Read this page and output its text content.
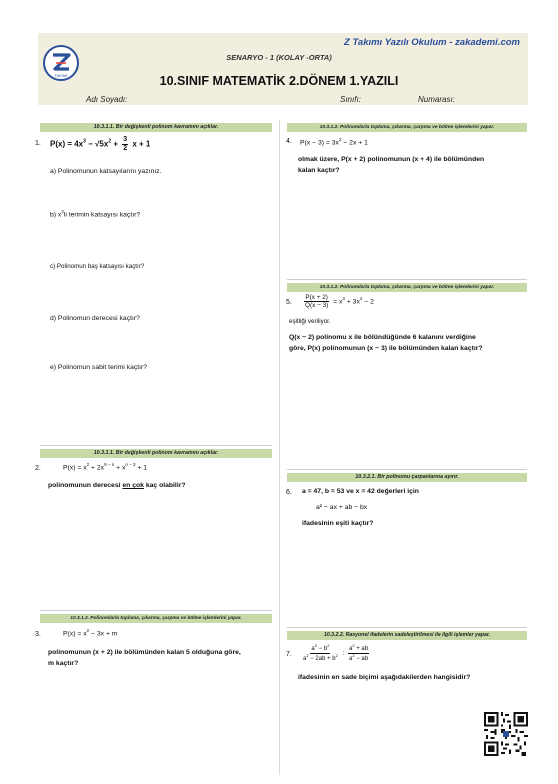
TAKIMI
Z Takımı Yazılı Okulum - zakademi.com
SENARYO - 1 (KOLAY -ORTA)
10.SINIF MATEMATİK 2.DÖNEM 1.YAZILI
Adı Soyadı:	Sınıfı:	Numarası:
10.3.1.1. Bir değişkenli polinom kavramını açıklar.
1. $P(x) = 4x^3 - √5x^2 + \frac{3}{2}$ x + 1
a) Polinomunun katsayılarını yazınız.
b) $x^2li$ terimin katsayısı kaçtır?
c) Polinomun baş katsayısı kaçtır?
d) Polinomun derecesi kaçtır?
e) Polinomun sabit terimi kaçtır?
10.3.1.1. Bir değişkenli polinom kavramını açıklar.
2.	$P(x) = x^2 + 2x^{9 - n} + x^{n - 3} + 1$
polinomunun derecesi en çok kaç olabilir?
10.3.1.2. Polinomlarla toplama, çıkarma, çarpma ve bölme işlemlerini yapar.
3.	$P(x) = x^2 - 3x + m$
polinomunun (x + 2) ile bölümünden kalan 5 olduğuna göre,
m kaçtır?
10.3.1.2. Polinomlarla toplama, çıkarma, çarpma ve bölme işlemlerini yapar.
4. $P(x - 3) = 3x^2 - 2x + 1$
olmak üzere, P(x + 2) polinomunun (x + 4) ile bölümünden
kalan kaçtır?
10.3.1.2. Polinomlarla toplama, çıkarma, çarpma ve bölme işlemlerini yapar.
5. $\frac{P(x + 2)}{Q(x - 3)} = x^3 + 3x^2 - 2$
eşitliği veriliyor.
Q(x − 2) polinomu x ile bölündüğünde 6 kalanını verdiğine
göre, P(x) polinomunun (x − 3) ile bölümünden kalan kaçtır?
10.3.2.1. Bir polinomu çarpanlarına ayırır.
6. a = 47, b = 53 ve x = 42 değerleri için
a² − ax + ab − bx
ifadesinin eşiti kaçtır?
10.3.2.2. Rasyonel ifadelerin sadeleştirilmesi ile ilgili işlemler yapar.
7. $\frac{a^2 - b^2}{a^2 - 2ab + b^2}$ : $\frac{a^2 + ab}{a^2 - ab}$
ifadesinin en sade biçimi aşağıdakilerden hangisidir?
